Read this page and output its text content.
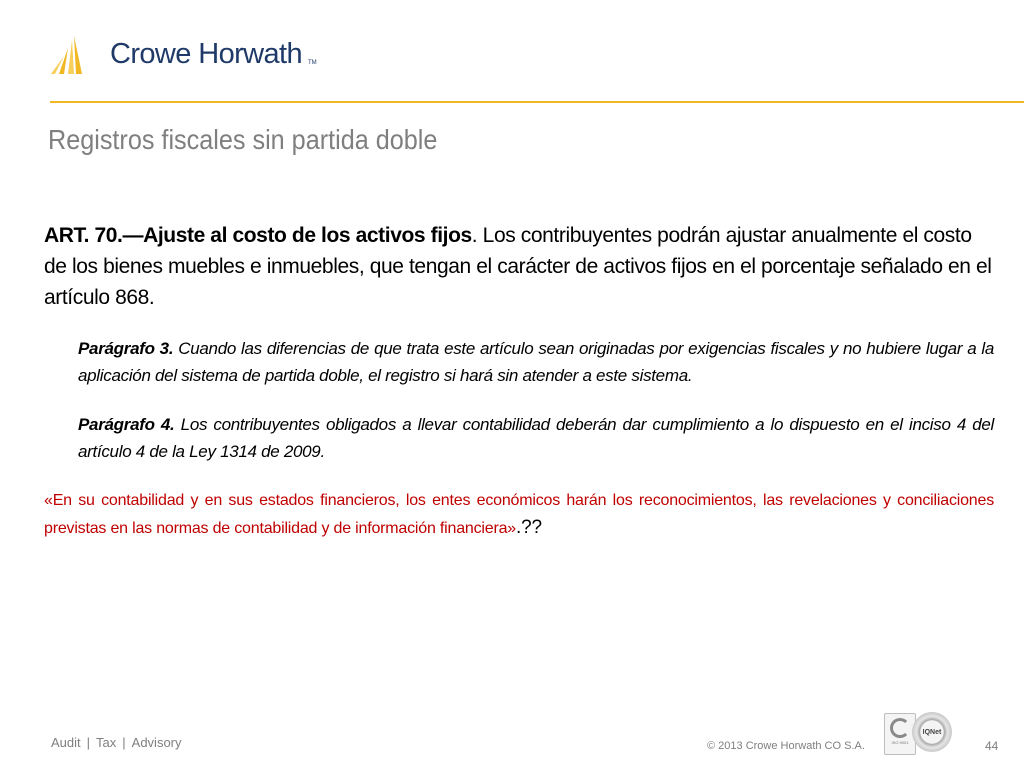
Crowe Horwath TM
Registros fiscales sin partida doble

ART. 70.—Ajuste al costo de los activos fijos. Los contribuyentes podrán ajustar anualmente el costo de los bienes muebles e inmuebles, que tengan el carácter de activos fijos en el porcentaje señalado en el artículo 868.

Parágrafo 3. Cuando las diferencias de que trata este artículo sean originadas por exigencias fiscales y no hubiere lugar a la aplicación del sistema de partida doble, el registro si hará sin atender a este sistema.

Parágrafo 4. Los contribuyentes obligados a llevar contabilidad deberán dar cumplimiento a lo dispuesto en el inciso 4 del artículo 4 de la Ley 1314 de 2009.

«En su contabilidad y en sus estados financieros, los entes económicos harán los reconocimientos, las revelaciones y conciliaciones previstas en las normas de contabilidad y de información financiera».??

Audit | Tax | Advisory	© 2013 Crowe Horwath CO S.A.	ISO 9001
IQNet
44
